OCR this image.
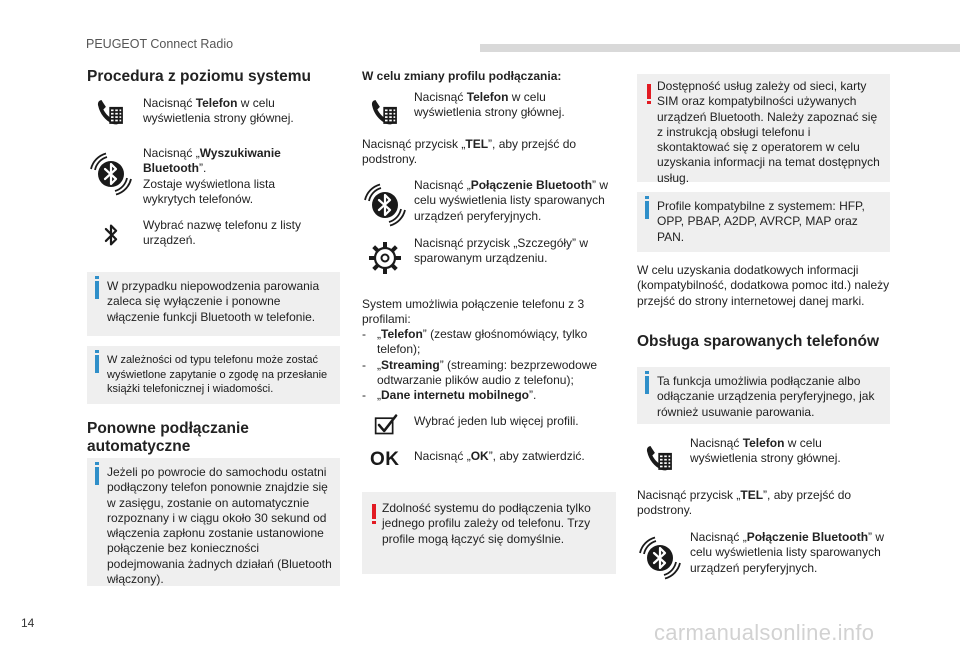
PEUGEOT Connect Radio
Procedura z poziomu systemu
Nacisnąć Telefon w celu wyświetlenia strony głównej.
Nacisnąć „Wyszukiwanie Bluetooth”.
Zostaje wyświetlona lista wykrytych telefonów.
Wybrać nazwę telefonu z listy urządzeń.
W przypadku niepowodzenia parowania zaleca się wyłączenie i ponowne włączenie funkcji Bluetooth w telefonie.
W zależności od typu telefonu może zostać wyświetlone zapytanie o zgodę na przesłanie książki telefonicznej i wiadomości.
Ponowne podłączanie automatyczne
Jeżeli po powrocie do samochodu ostatni podłączony telefon ponownie znajdzie się w zasięgu, zostanie on automatycznie rozpoznany i w ciągu około 30 sekund od włączenia zapłonu zostanie ustanowione połączenie bez konieczności podejmowania żadnych działań (Bluetooth włączony).
W celu zmiany profilu podłączania:
Nacisnąć Telefon w celu wyświetlenia strony głównej.
Nacisnąć przycisk „TEL”, aby przejść do podstrony.
Nacisnąć „Połączenie Bluetooth” w celu wyświetlenia listy sparowanych urządzeń peryferyjnych.
Nacisnąć przycisk „Szczegóły” w sparowanym urządzeniu.
System umożliwia połączenie telefonu z 3 profilami:
- „Telefon” (zestaw głośnomówiący, tylko telefon);
- „Streaming” (streaming: bezprzewodowe odtwarzanie plików audio z telefonu);
- „Dane internetu mobilnego”.
Wybrać jeden lub więcej profili.
OK Nacisnąć „OK”, aby zatwierdzić.
Zdolność systemu do podłączenia tylko jednego profilu zależy od telefonu. Trzy profile mogą łączyć się domyślnie.
Dostępność usług zależy od sieci, karty SIM oraz kompatybilności używanych urządzeń Bluetooth. Należy zapoznać się z instrukcją obsługi telefonu i skontaktować się z operatorem w celu uzyskania informacji na temat dostępnych usług.
Profile kompatybilne z systemem: HFP, OPP, PBAP, A2DP, AVRCP, MAP oraz PAN.
W celu uzyskania dodatkowych informacji (kompatybilność, dodatkowa pomoc itd.) należy przejść do strony internetowej danej marki.
Obsługa sparowanych telefonów
Ta funkcja umożliwia podłączanie albo odłączanie urządzenia peryferyjnego, jak również usuwanie parowania.
Nacisnąć Telefon w celu wyświetlenia strony głównej.
Nacisnąć przycisk „TEL”, aby przejść do podstrony.
Nacisnąć „Połączenie Bluetooth” w celu wyświetlenia listy sparowanych urządzeń peryferyjnych.
14	carmanualsonline.info
